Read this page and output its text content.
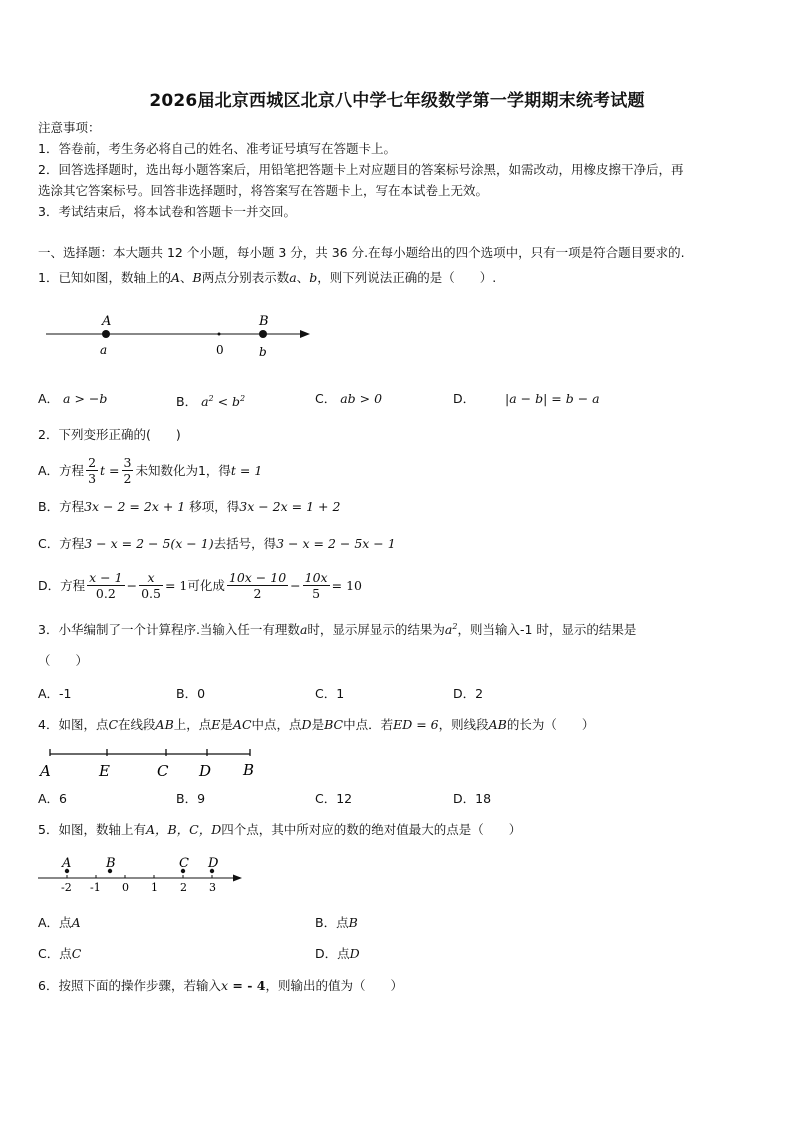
2026届北京西城区北京八中学七年级数学第一学期期末统考试题
注意事项：
1．答卷前，考生务必将自己的姓名、准考证号填写在答题卡上。
2．回答选择题时，选出每小题答案后，用铅笔把答题卡上对应题目的答案标号涂黑，如需改动，用橡皮擦干净后，再
选涂其它答案标号。回答非选择题时，将答案写在答题卡上，写在本试卷上无效。
3．考试结束后，将本试卷和答题卡一并交回。
一、选择题：本大题共 12 个小题，每小题 3 分，共 36 分.在每小题给出的四个选项中，只有一项是符合题目要求的.
1．已知如图，数轴上的A、B两点分别表示数a、b，则下列说法正确的是（　　）.
A	B
a	0	b
A． a > −b	B． $a^2 < b^2$	C． ab > 0	D． |a − b| = b − a
2．下列变形正确的(　　)
A．方程 $\frac{2}{3}$ $t = \frac{3}{2}$ 未知数化为1，得 t = 1
B．方程3x − 2 = 2x + 1 移项，得3x − 2x = 1 + 2
C．方程3 − x = 2 − 5(x − 1)去括号，得3 − x = 2 − 5x − 1
D．方程 $\frac{x - 1}{0.2} - \frac{x}{0.5} = 1$ 可化成 $\frac{10x - 10}{2} - \frac{10x}{5} = 10$
3．小华编制了一个计算程序.当输入任一有理数a时，显示屏显示的结果为$a^2$，则当输入-1 时，显示的结果是
（　　）
A．-1	B．0	C．1	D．2
4．如图，点C在线段AB上，点E是AC中点，点D是BC中点．若ED = 6，则线段AB的长为（　　）
A	E	C D B
A．6	B．9	C．12	D．18
5．如图，数轴上有A，B，C，D四个点，其中所对应的数的绝对值最大的点是（　　）
A	B	C D
-2 -1 0 1 2 3
A．点A	B．点B
C．点C	D．点D
6．按照下面的操作步骤，若输入x = - 4，则输出的值为（　　）
